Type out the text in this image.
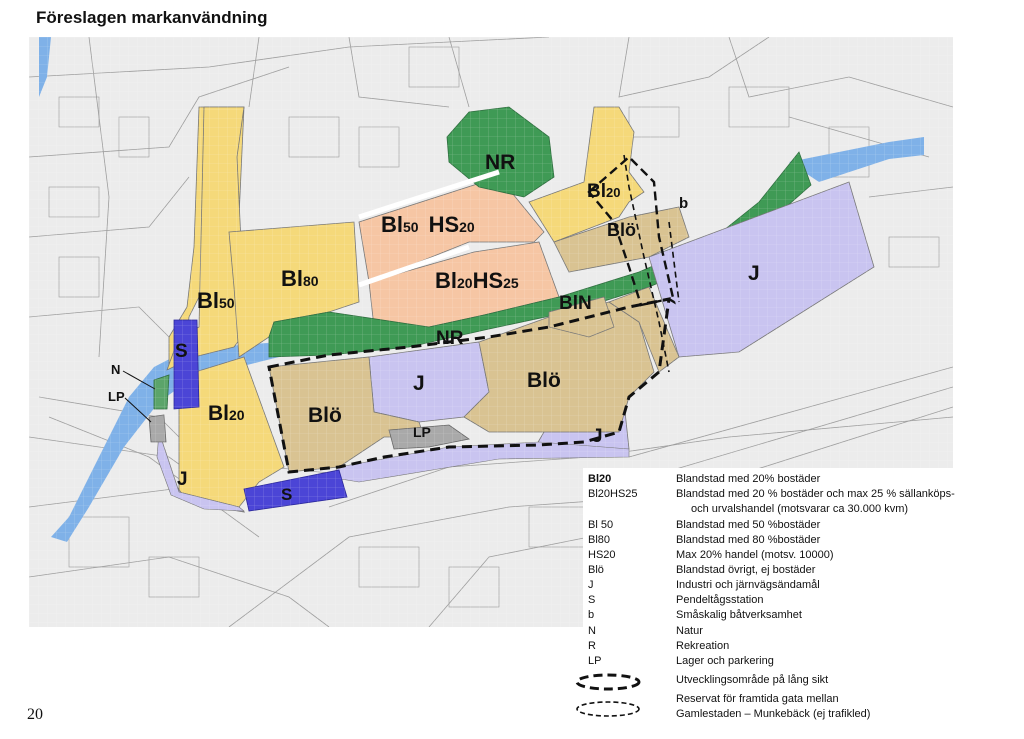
Föreslagen markanvändning
Bl50
Bl80
Bl50 HS20
Bl20HS25
Bl20
Blö
BlN
NR
NR
J
J
J
J
Blö
Blö
Bl20
LP
LP
N
S
S
b
Bl20	Blandstad med 20% bostäder
Bl20HS25	Blandstad med 20 % bostäder och max 25 % sällanköps-
och urvalshandel (motsvarar ca 30.000 kvm)
Bl 50	Blandstad med 50 %bostäder
Bl80	Blandstad med 80 %bostäder
HS20	Max 20% handel (motsv. 10000)
Blö	Blandstad övrigt, ej bostäder
J	Industri och järnvägsändamål
S	Pendeltågsstation
b	Småskalig båtverksamhet
N	Natur
R	Rekreation
LP	Lager och parkering
Utvecklingsområde på lång sikt
Reservat för framtida gata mellan
Gamlestaden – Munkebäck (ej trafikled)
20
